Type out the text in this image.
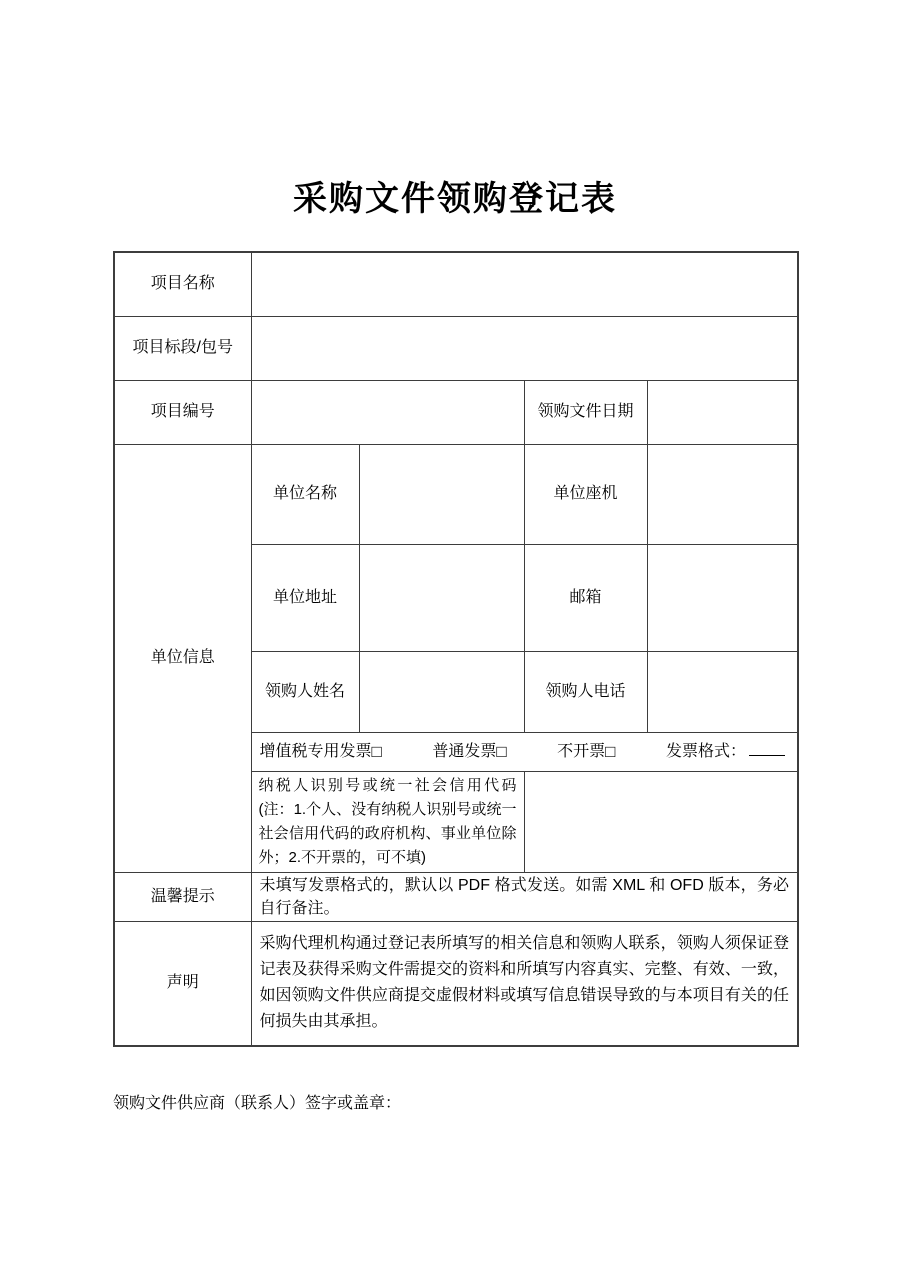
采购文件领购登记表
项目名称				
项目标段/包号				
项目编号			领购文件日期	
单位信息	单位名称		单位座机	
	单位地址		邮箱	
	领购人姓名		领购人电话	

增值税专用发票 □	普通发票 □	不开票 □	发票格式：

	纳税人识别号或统一社会信用代码(注：1.个人、没有纳税人识别号或统一社会信用代码的政府机构、事业单位除外；2.不开票的，可不填)			
温馨提示	未填写发票格式的，默认以 PDF 格式发送。如需 XML 和 OFD 版本，务必自行备注。			
声明	采购代理机构通过登记表所填写的相关信息和领购人联系，领购人须保证登记表及获得采购文件需提交的资料和所填写内容真实、完整、有效、一致，如因领购文件供应商提交虚假材料或填写信息错误导致的与本项目有关的任何损失由其承担。			
领购文件供应商（联系人）签字或盖章：
